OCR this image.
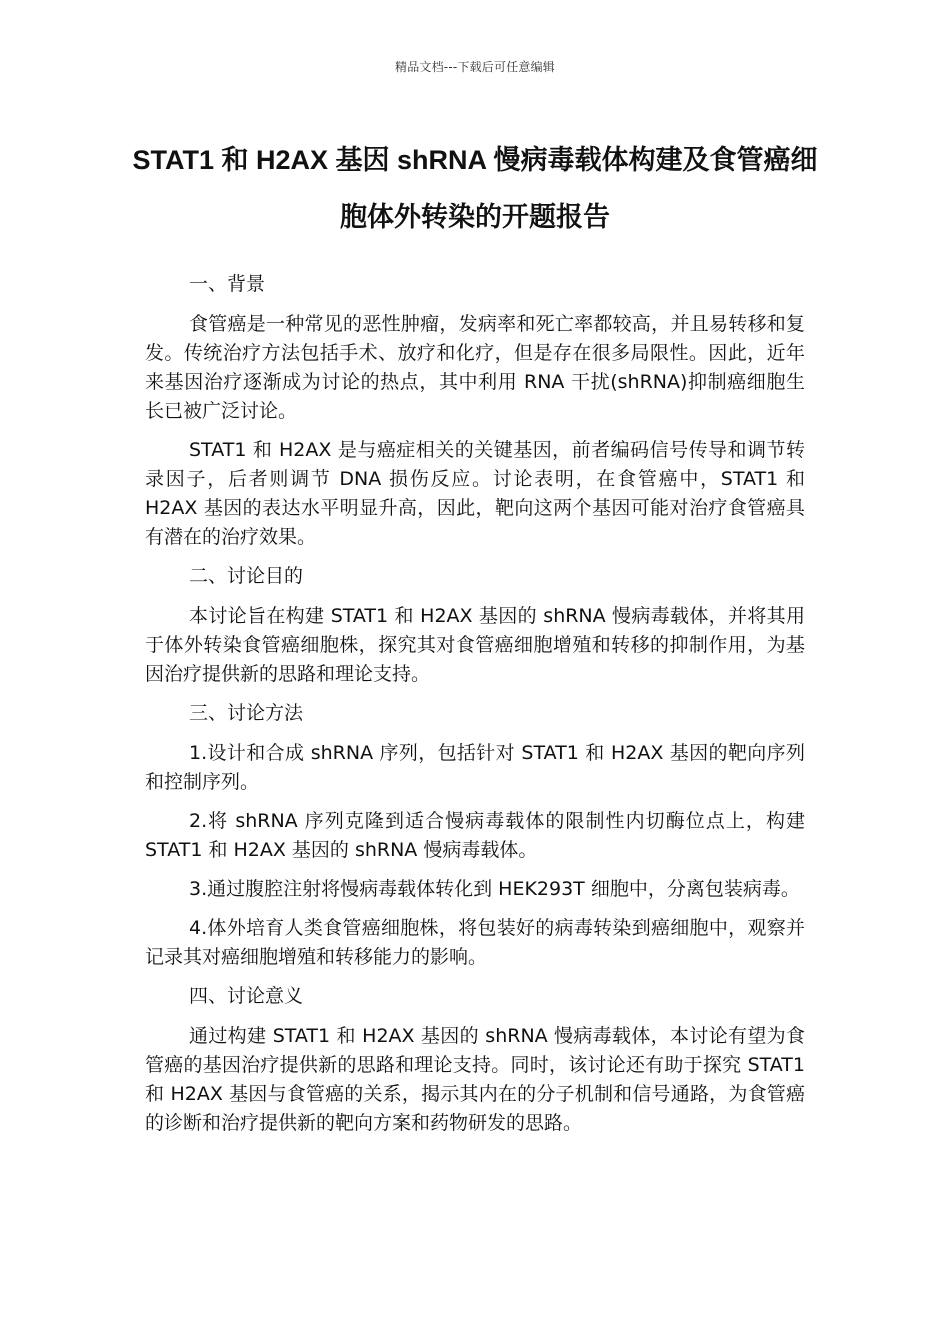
精品文档---下载后可任意编辑
STAT1 和 H2AX 基因 shRNA 慢病毒载体构建及食管癌细胞体外转染的开题报告
一、背景

食管癌是一种常见的恶性肿瘤，发病率和死亡率都较高，并且易转移和复发。传统治疗方法包括手术、放疗和化疗，但是存在很多局限性。因此，近年来基因治疗逐渐成为讨论的热点，其中利用 RNA 干扰(shRNA)抑制癌细胞生长已被广泛讨论。

STAT1 和 H2AX 是与癌症相关的关键基因，前者编码信号传导和调节转录因子，后者则调节 DNA 损伤反应。讨论表明，在食管癌中，STAT1 和 H2AX 基因的表达水平明显升高，因此，靶向这两个基因可能对治疗食管癌具有潜在的治疗效果。

二、讨论目的

本讨论旨在构建 STAT1 和 H2AX 基因的 shRNA 慢病毒载体，并将其用于体外转染食管癌细胞株，探究其对食管癌细胞增殖和转移的抑制作用，为基因治疗提供新的思路和理论支持。

三、讨论方法

1.设计和合成 shRNA 序列，包括针对 STAT1 和 H2AX 基因的靶向序列和控制序列。

2.将 shRNA 序列克隆到适合慢病毒载体的限制性内切酶位点上，构建 STAT1 和 H2AX 基因的 shRNA 慢病毒载体。

3.通过腹腔注射将慢病毒载体转化到 HEK293T 细胞中，分离包装病毒。

4.体外培育人类食管癌细胞株，将包装好的病毒转染到癌细胞中，观察并记录其对癌细胞增殖和转移能力的影响。

四、讨论意义

通过构建 STAT1 和 H2AX 基因的 shRNA 慢病毒载体，本讨论有望为食管癌的基因治疗提供新的思路和理论支持。同时，该讨论还有助于探究 STAT1 和 H2AX 基因与食管癌的关系，揭示其内在的分子机制和信号通路，为食管癌的诊断和治疗提供新的靶向方案和药物研发的思路。
